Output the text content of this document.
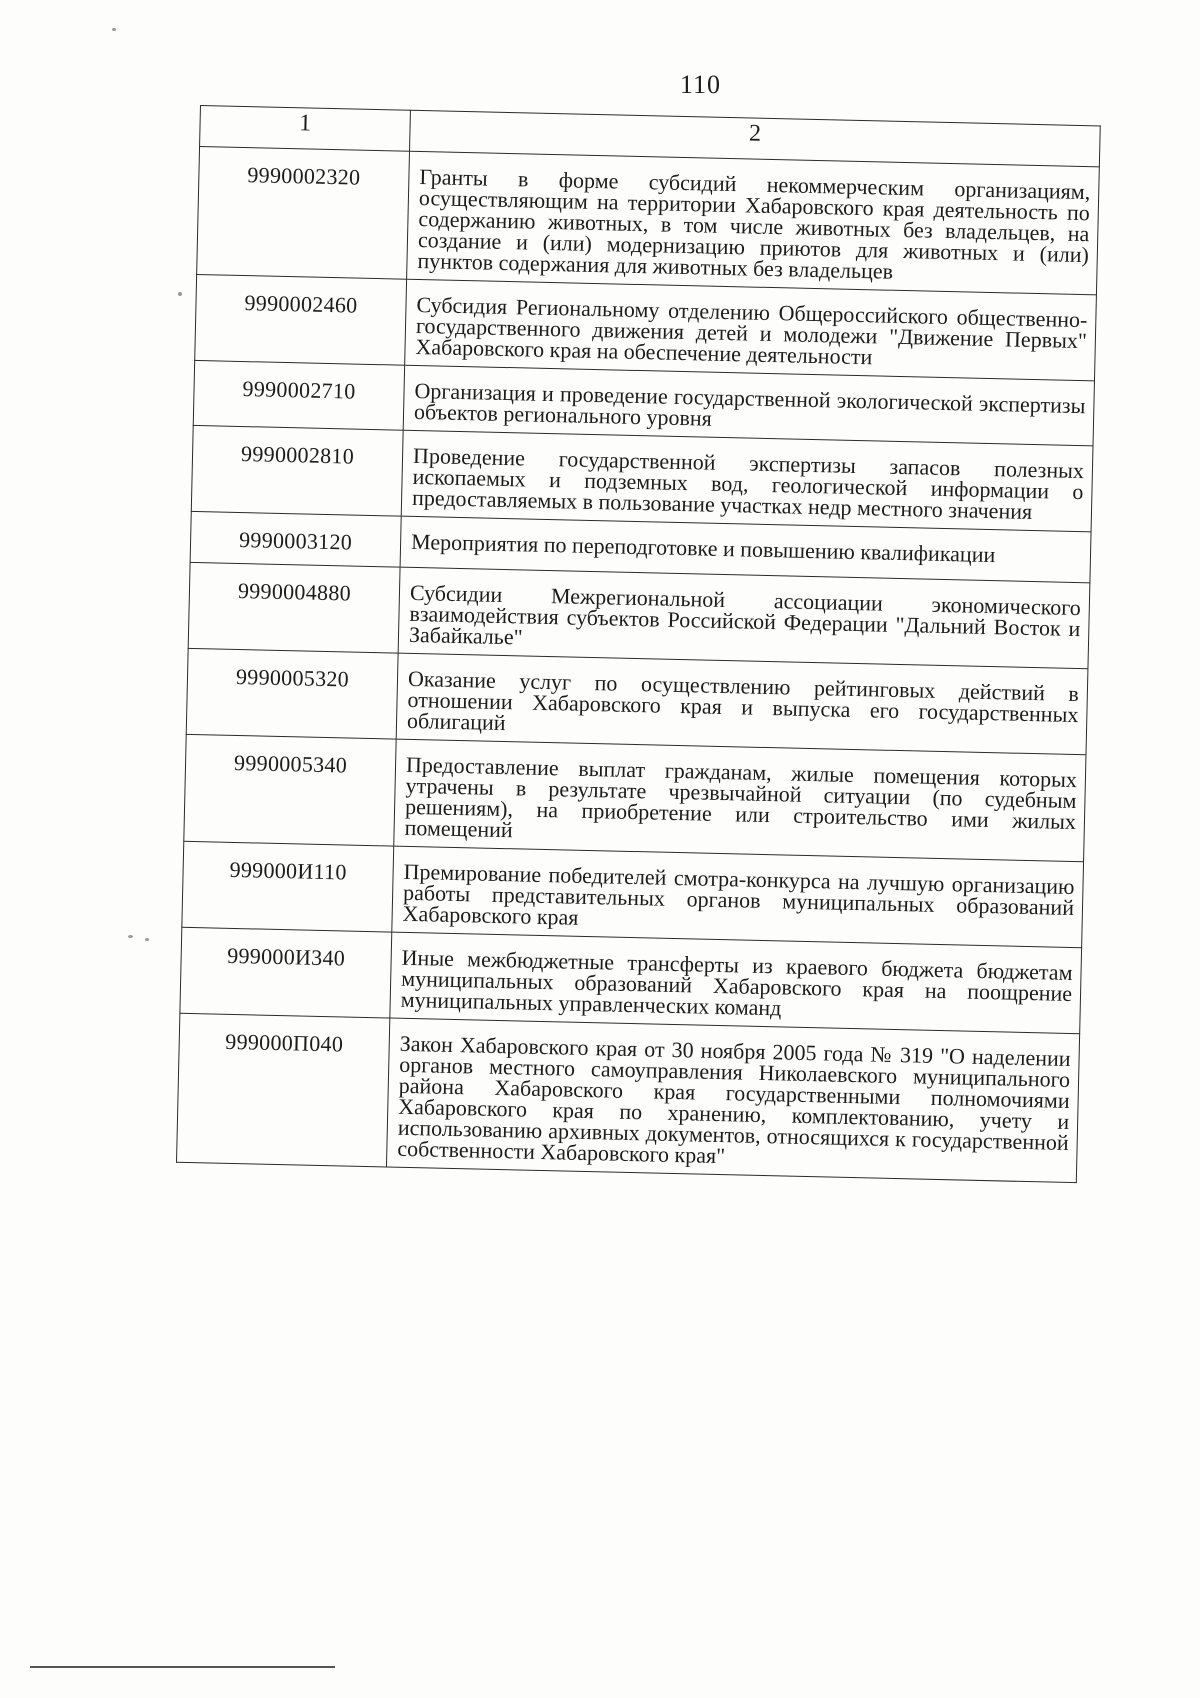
110
1	2
9990002320	Гранты в форме субсидий некоммерческим организациям, осуществляющим на территории Хабаровского края деятельность по содержанию животных, в том числе животных без владельцев, на создание и (или) модернизацию приютов для животных и (или) пунктов содержания для животных без владельцев
9990002460	Субсидия Региональному отделению Общероссийского общественно-государственного движения детей и молодежи "Движение Первых" Хабаровского края на обеспечение деятельности
9990002710	Организация и проведение государственной экологической экспертизы объектов регионального уровня
9990002810	Проведение государственной экспертизы запасов полезных ископаемых и подземных вод, геологической информации о предоставляемых в пользование участках недр местного значения
9990003120	Мероприятия по переподготовке и повышению квалификации
9990004880	Субсидии Межрегиональной ассоциации экономического взаимодействия субъектов Российской Федерации "Дальний Восток и Забайкалье"
9990005320	Оказание услуг по осуществлению рейтинговых действий в отношении Хабаровского края и выпуска его государственных облигаций
9990005340	Предоставление выплат гражданам, жилые помещения которых утрачены в результате чрезвычайной ситуации (по судебным решениям), на приобретение или строительство ими жилых помещений
999000И110	Премирование победителей смотра-конкурса на лучшую организацию работы представительных органов муниципальных образований Хабаровского края
999000И340	Иные межбюджетные трансферты из краевого бюджета бюджетам муниципальных образований Хабаровского края на поощрение муниципальных управленческих команд
999000П040	Закон Хабаровского края от 30 ноября 2005 года № 319 "О наделении органов местного самоуправления Николаевского муниципального района Хабаровского края государственными полномочиями Хабаровского края по хранению, комплектованию, учету и использованию архивных документов, относящихся к государственной собственности Хабаровского края"
